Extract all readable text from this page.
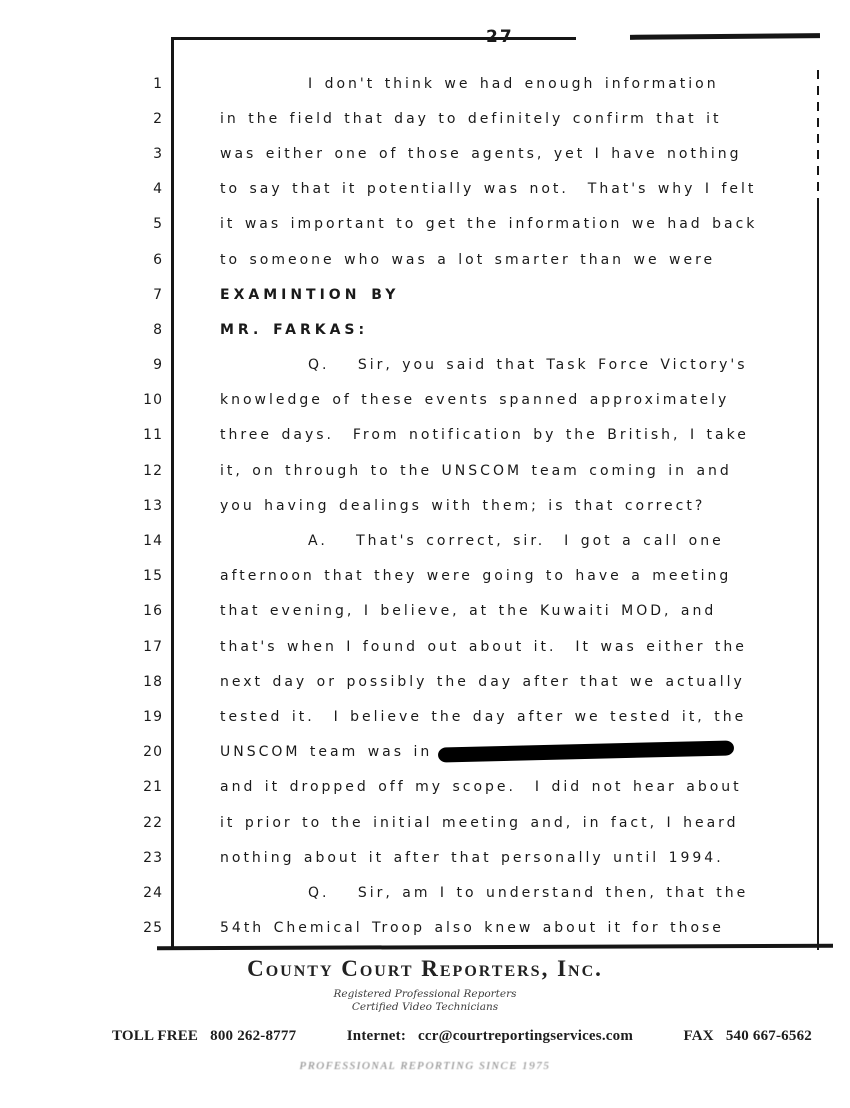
27
1	I don't think we had enough information
2	in the field that day to definitely confirm that it
3	was either one of those agents, yet I have nothing
4	to say that it potentially was not.  That's why I felt
5	it was important to get the information we had back
6	to someone who was a lot smarter than we were
7	EXAMINTION BY
8	MR. FARKAS:
9	Q.   Sir, you said that Task Force Victory's
10	knowledge of these events spanned approximately
11	three days.  From notification by the British, I take
12	it, on through to the UNSCOM team coming in and
13	you having dealings with them; is that correct?
14	A.   That's correct, sir.  I got a call one
15	afternoon that they were going to have a meeting
16	that evening, I believe, at the Kuwaiti MOD, and
17	that's when I found out about it.  It was either the
18	next day or possibly the day after that we actually
19	tested it.  I believe the day after we tested it, the
20	UNSCOM team was in
21	and it dropped off my scope.  I did not hear about
22	it prior to the initial meeting and, in fact, I heard
23	nothing about it after that personally until 1994.
24	Q.   Sir, am I to understand then, that the
25	54th Chemical Troop also knew about it for those
County Court Reporters, Inc.
Registered Professional Reporters
Certified Video Technicians
TOLL FREE 800 262-8777	Internet: ccr@courtreportingservices.com	FAX 540 667-6562
PROFESSIONAL REPORTING SINCE 1975
